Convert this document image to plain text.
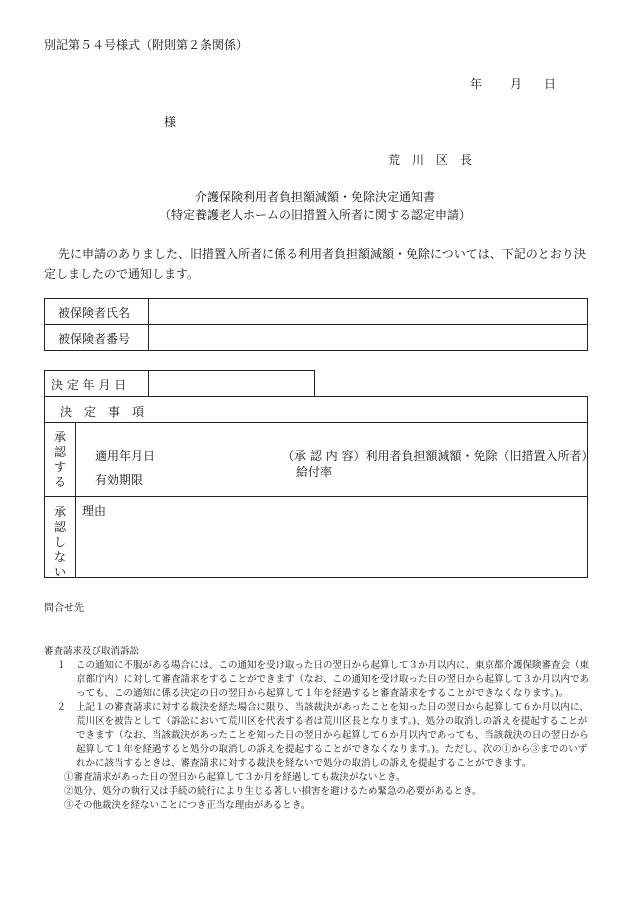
別記第５４号様式（附則第２条関係）
年 月 日
様
荒　川　区　長
介護保険利用者負担額減額・免除決定通知書
（特定養護老人ホームの旧措置入所者に関する認定申請）
先に申請のありました、旧措置入所者に係る利用者負担額減額・免除については、下記のとおり決
定しましたので通知します。
被保険者氏名
被保険者番号
決 定 年 月 日
決　定　事　項
承
認
す
る
適用年月日
有効期限
（承 認 内 容）利用者負担額減額・免除（旧措置入所者）
給付率
承
認
し
な
い
理由
問合せ先
審査請求及び取消訴訟
１	この通知に不服がある場合には、この通知を受け取った日の翌日から起算して３か月以内に、東京都介護保険審査会（東京都庁内）に対して審査請求をすることができます（なお、この通知を受け取った日の翌日から起算して３か月以内であっても、この通知に係る決定の日の翌日から起算して１年を経過すると審査請求をすることができなくなります。)。
２	上記１の審査請求に対する裁決を経た場合に限り、当該裁決があったことを知った日の翌日から起算して６か月以内に、荒川区を被告として（訴訟において荒川区を代表する者は荒川区長となります。)、処分の取消しの訴えを提起することができます（なお、当該裁決があったことを知った日の翌日から起算して６か月以内であっても、当該裁決の日の翌日から起算して１年を経過すると処分の取消しの訴えを提起することができなくなります。)。ただし、次の①から③までのいずれかに該当するときは、審査請求に対する裁決を経ないで処分の取消しの訴えを提起することができます。
①審査請求があった日の翌日から起算して３か月を経過しても裁決がないとき。
②処分、処分の執行又は手続の続行により生じる著しい損害を避けるため緊急の必要があるとき。
③その他裁決を経ないことにつき正当な理由があるとき。
